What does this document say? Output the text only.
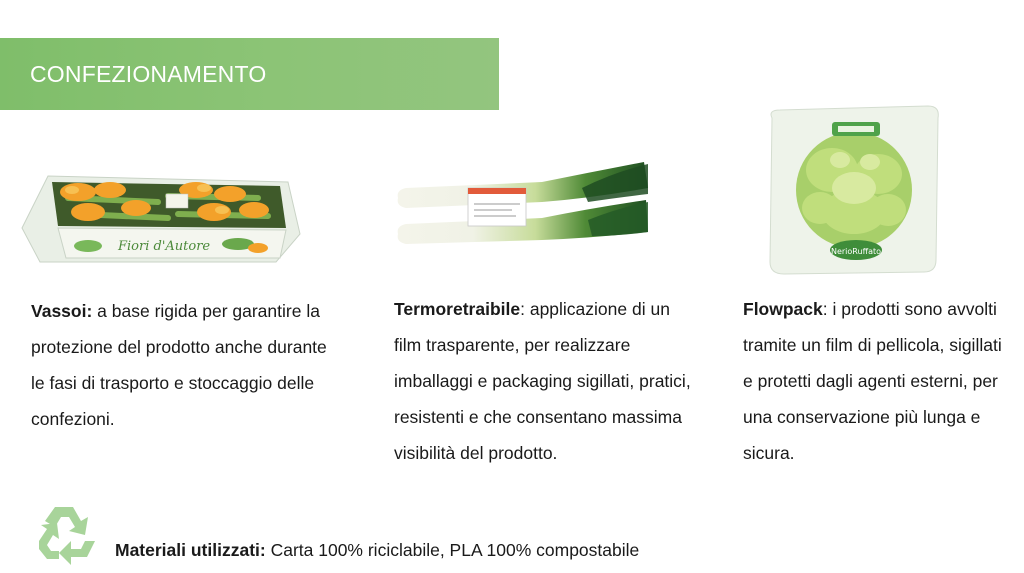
CONFEZIONAMENTO
Fiori d'Autore	NerioRuffato

Vassoi: a base rigida per garantire la protezione del prodotto anche durante le fasi di trasporto e stoccaggio delle confezioni.

Termoretraibile: applicazione di un film trasparente, per realizzare imballaggi e packaging sigillati, pratici, resistenti e che consentano massima visibilità del prodotto.

Flowpack: i prodotti sono avvolti tramite un film di pellicola, sigillati e protetti dagli agenti esterni, per una conservazione più lunga e sicura.

Materiali utilizzati: Carta 100% riciclabile, PLA 100% compostabile
